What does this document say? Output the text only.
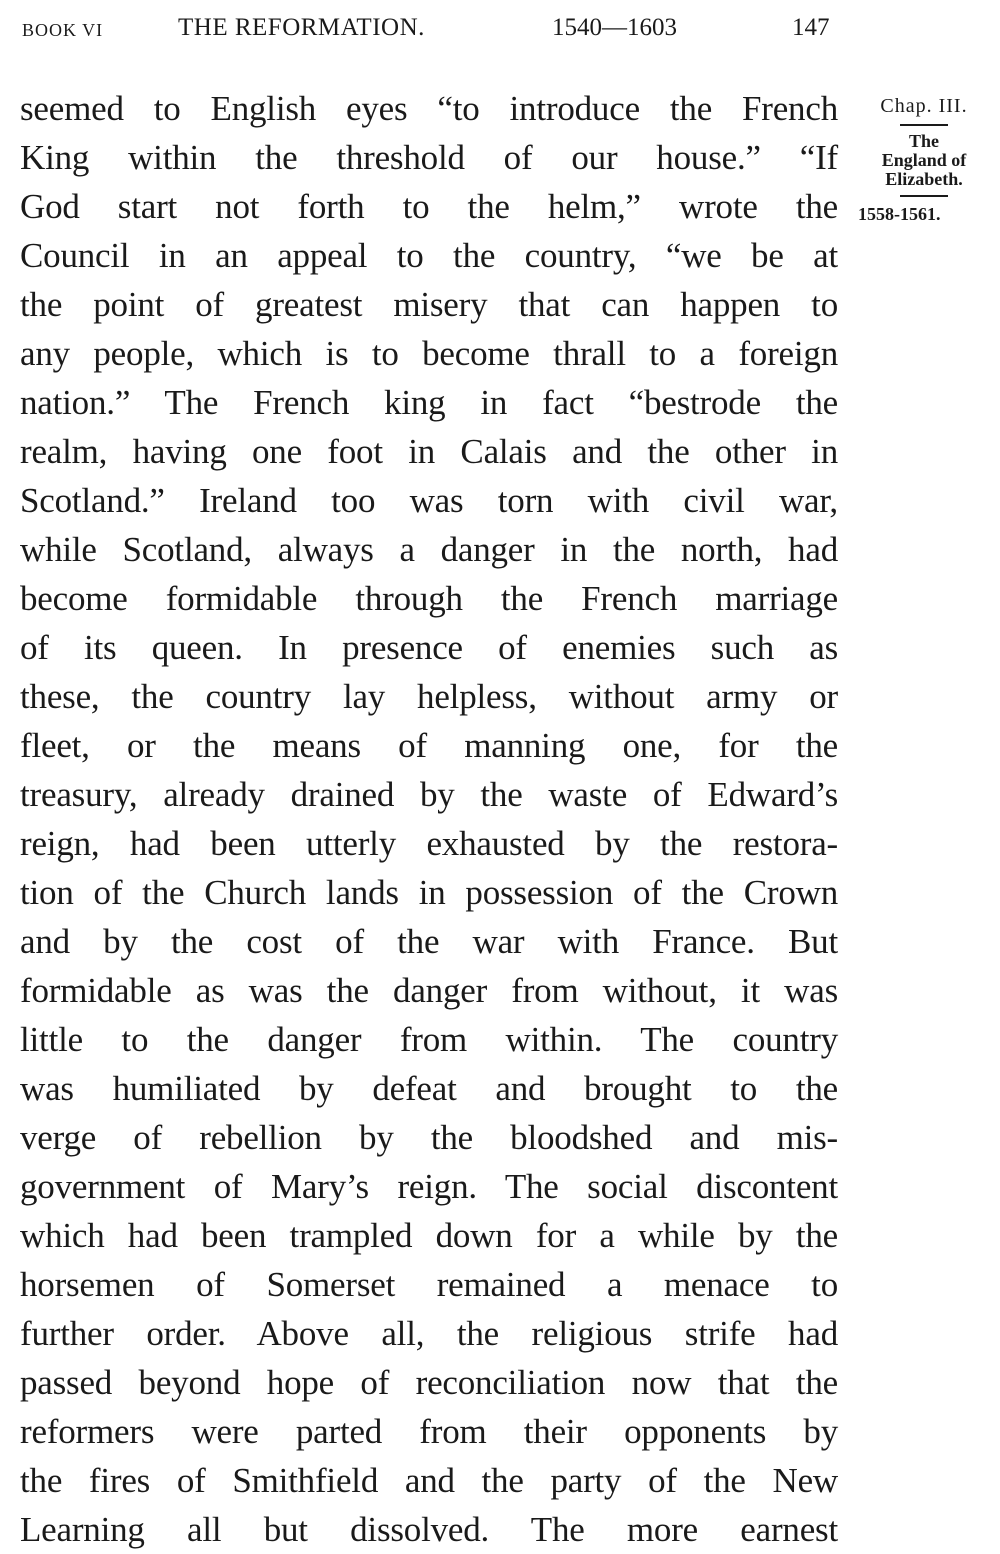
BOOK VI	THE REFORMATION.	1540—1603	147
seemed to English eyes “to introduce the French
King within the threshold of our house.” “If
God start not forth to the helm,” wrote the
Council in an appeal to the country, “we be at
the point of greatest misery that can happen to
any people, which is to become thrall to a foreign
nation.” The French king in fact “bestrode the
realm, having one foot in Calais and the other in
Scotland.” Ireland too was torn with civil war,
while Scotland, always a danger in the north, had
become formidable through the French marriage
of its queen. In presence of enemies such as
these, the country lay helpless, without army or
fleet, or the means of manning one, for the
treasury, already drained by the waste of Edward’s
reign, had been utterly exhausted by the restora-
tion of the Church lands in possession of the Crown
and by the cost of the war with France. But
formidable as was the danger from without, it was
little to the danger from within. The country
was humiliated by defeat and brought to the
verge of rebellion by the bloodshed and mis-
government of Mary’s reign. The social discontent
which had been trampled down for a while by the
horsemen of Somerset remained a menace to
further order. Above all, the religious strife had
passed beyond hope of reconciliation now that the
reformers were parted from their opponents by
the fires of Smithfield and the party of the New
Learning all but dissolved. The more earnest
Chap. III.
The
England of
Elizabeth.
1558-1561.
